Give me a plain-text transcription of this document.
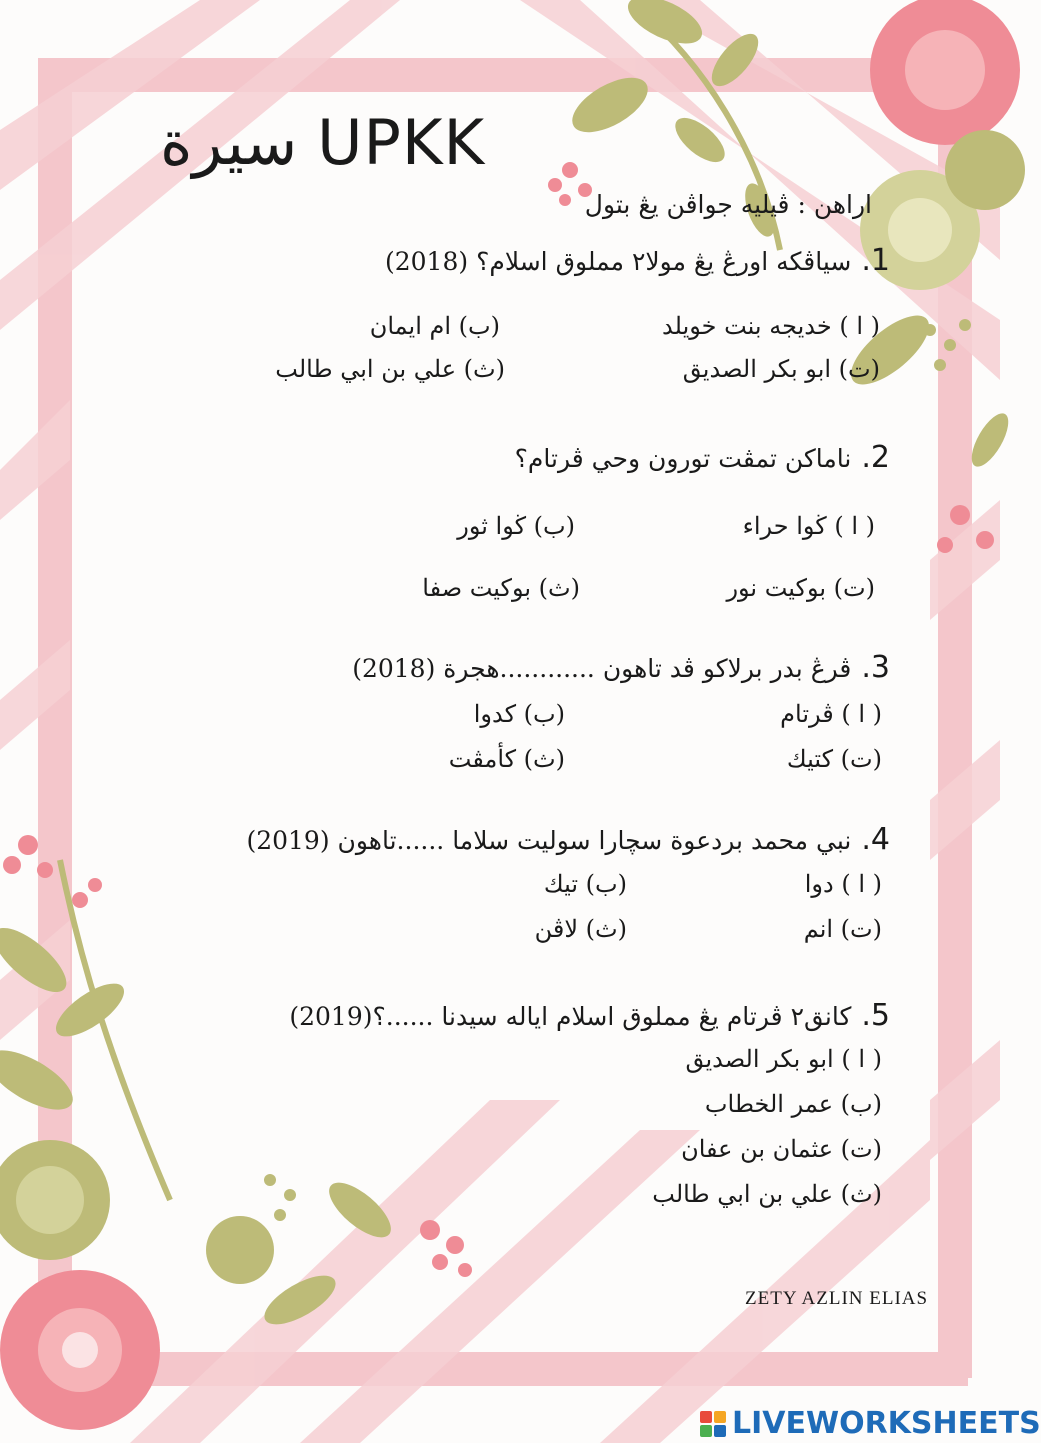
سيرة UPKK
اراهن : ڤيليه جواڤن يڠ بتول
1.سياڤكه اورڠ يڠ مولا٢ مملوق اسلام؟ (2018)
( ا ) خديجه بنت خويلد
(ب) ام ايمان
(ت) ابو بكر الصديق
(ث) علي بن ابي طالب
2.ناماكن تمڤت تورون وحي ڤرتام؟
( ا ) ڬوا حراء
(ب) ڬوا ثور
(ت) بوكيت نور
(ث) بوكيت صفا
3.ڤرڠ بدر برلاكو ڤد تاهون ............هجرة (2018)
( ا ) ڤرتام
(ب) كدوا
(ت) كتيك
(ث) كأمڤت
4.نبي محمد بردعوة سچارا سوليت سلاما ......تاهون (2019)
( ا ) دوا
(ب) تيك
(ت) انم
(ث) لاڤن
5.كانق٢ ڤرتام يڠ مملوق اسلام اياله سيدنا ......؟(2019)
( ا ) ابو بكر الصديق
(ب) عمر الخطاب
(ت) عثمان بن عفان
(ث) علي بن ابي طالب
ZETY AZLIN ELIAS
LIVEWORKSHEETS
